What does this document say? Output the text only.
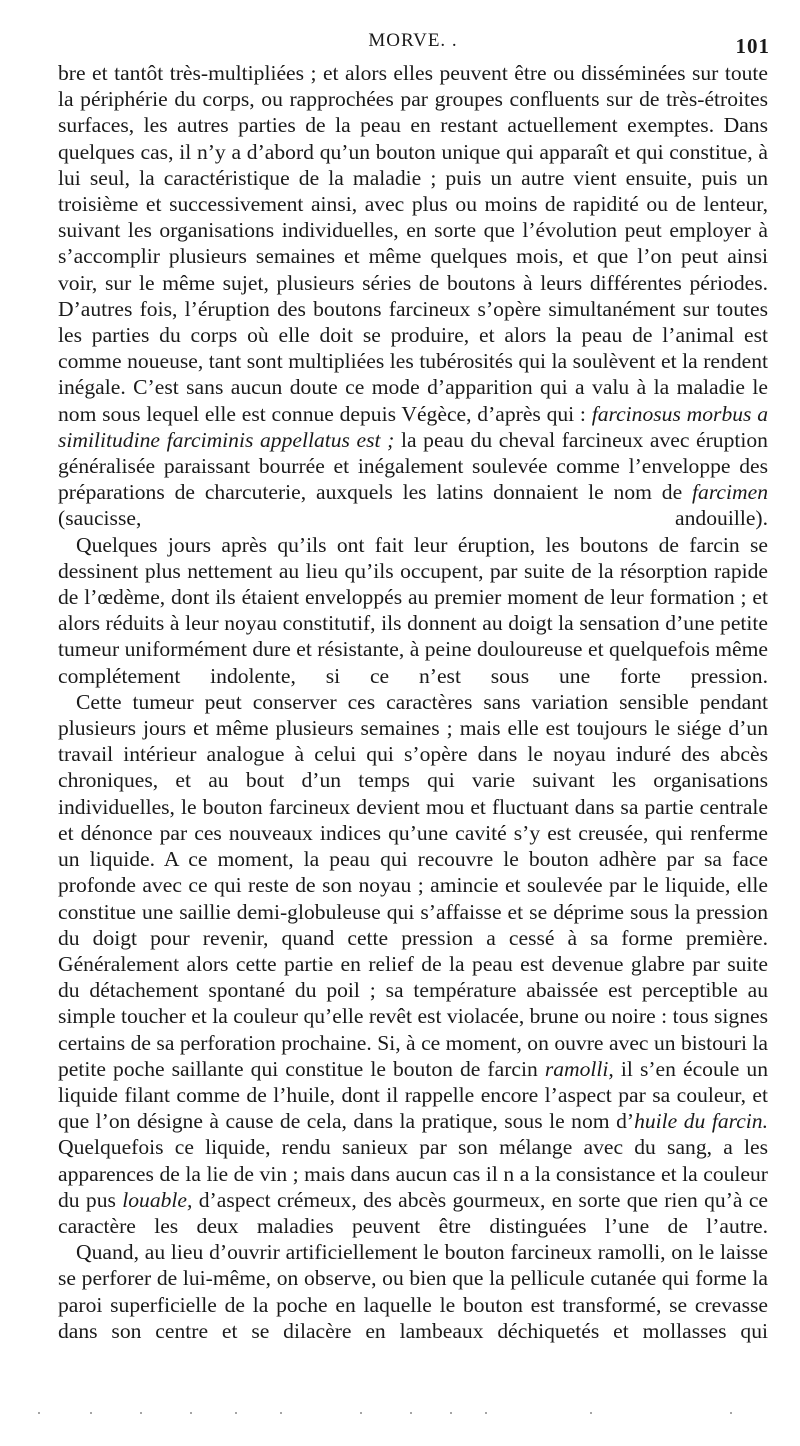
MORVE. .	101

bre et tantôt très-multipliées ; et alors elles peuvent être ou disséminées sur toute la périphérie du corps, ou rapprochées par groupes confluents sur de très-étroites surfaces, les autres parties de la peau en restant actuellement exemptes. Dans quelques cas, il n’y a d’abord qu’un bouton unique qui apparaît et qui constitue, à lui seul, la caractéristique de la maladie ; puis un autre vient ensuite, puis un troisième et successivement ainsi, avec plus ou moins de rapidité ou de lenteur, suivant les organisations individuelles, en sorte que l’évolution peut employer à s’accomplir plusieurs semaines et même quelques mois, et que l’on peut ainsi voir, sur le même sujet, plusieurs séries de boutons à leurs différentes périodes. D’autres fois, l’éruption des boutons farcineux s’opère simultanément sur toutes les parties du corps où elle doit se produire, et alors la peau de l’animal est comme noueuse, tant sont multipliées les tubérosités qui la soulèvent et la rendent inégale. C’est sans aucun doute ce mode d’apparition qui a valu à la maladie le nom sous lequel elle est connue depuis Végèce, d’après qui : farcinosus morbus a similitudine farciminis appellatus est ; la peau du cheval farcineux avec éruption généralisée paraissant bourrée et inégalement soulevée comme l’enveloppe des préparations de charcuterie, auxquels les latins donnaient le nom de farcimen (saucisse, andouille).

Quelques jours après qu’ils ont fait leur éruption, les boutons de farcin se dessinent plus nettement au lieu qu’ils occupent, par suite de la résorption rapide de l’œdème, dont ils étaient enveloppés au premier moment de leur formation ; et alors réduits à leur noyau constitutif, ils donnent au doigt la sensation d’une petite tumeur uniformément dure et résistante, à peine douloureuse et quelquefois même complétement indolente, si ce n’est sous une forte pression.

Cette tumeur peut conserver ces caractères sans variation sensible pendant plusieurs jours et même plusieurs semaines ; mais elle est toujours le siége d’un travail intérieur analogue à celui qui s’opère dans le noyau induré des abcès chroniques, et au bout d’un temps qui varie suivant les organisations individuelles, le bouton farcineux devient mou et fluctuant dans sa partie centrale et dénonce par ces nouveaux indices qu’une cavité s’y est creusée, qui renferme un liquide. A ce moment, la peau qui recouvre le bouton adhère par sa face profonde avec ce qui reste de son noyau ; amincie et soulevée par le liquide, elle constitue une saillie demi-globuleuse qui s’affaisse et se déprime sous la pression du doigt pour revenir, quand cette pression a cessé à sa forme première. Généralement alors cette partie en relief de la peau est devenue glabre par suite du détachement spontané du poil ; sa température abaissée est perceptible au simple toucher et la couleur qu’elle revêt est violacée, brune ou noire : tous signes certains de sa perforation prochaine. Si, à ce moment, on ouvre avec un bistouri la petite poche saillante qui constitue le bouton de farcin ramolli, il s’en écoule un liquide filant comme de l’huile, dont il rappelle encore l’aspect par sa couleur, et que l’on désigne à cause de cela, dans la pratique, sous le nom d’huile du farcin. Quelquefois ce liquide, rendu sanieux par son mélange avec du sang, a les apparences de la lie de vin ; mais dans aucun cas il n a la consistance et la couleur du pus louable, d’aspect crémeux, des abcès gourmeux, en sorte que rien qu’à ce caractère les deux maladies peuvent être distinguées l’une de l’autre.

Quand, au lieu d’ouvrir artificiellement le bouton farcineux ramolli, on le laisse se perforer de lui-même, on observe, ou bien que la pellicule cutanée qui forme la paroi superficielle de la poche en laquelle le bouton est transformé, se crevasse dans son centre et se dilacère en lambeaux déchiquetés et mollasses qui
